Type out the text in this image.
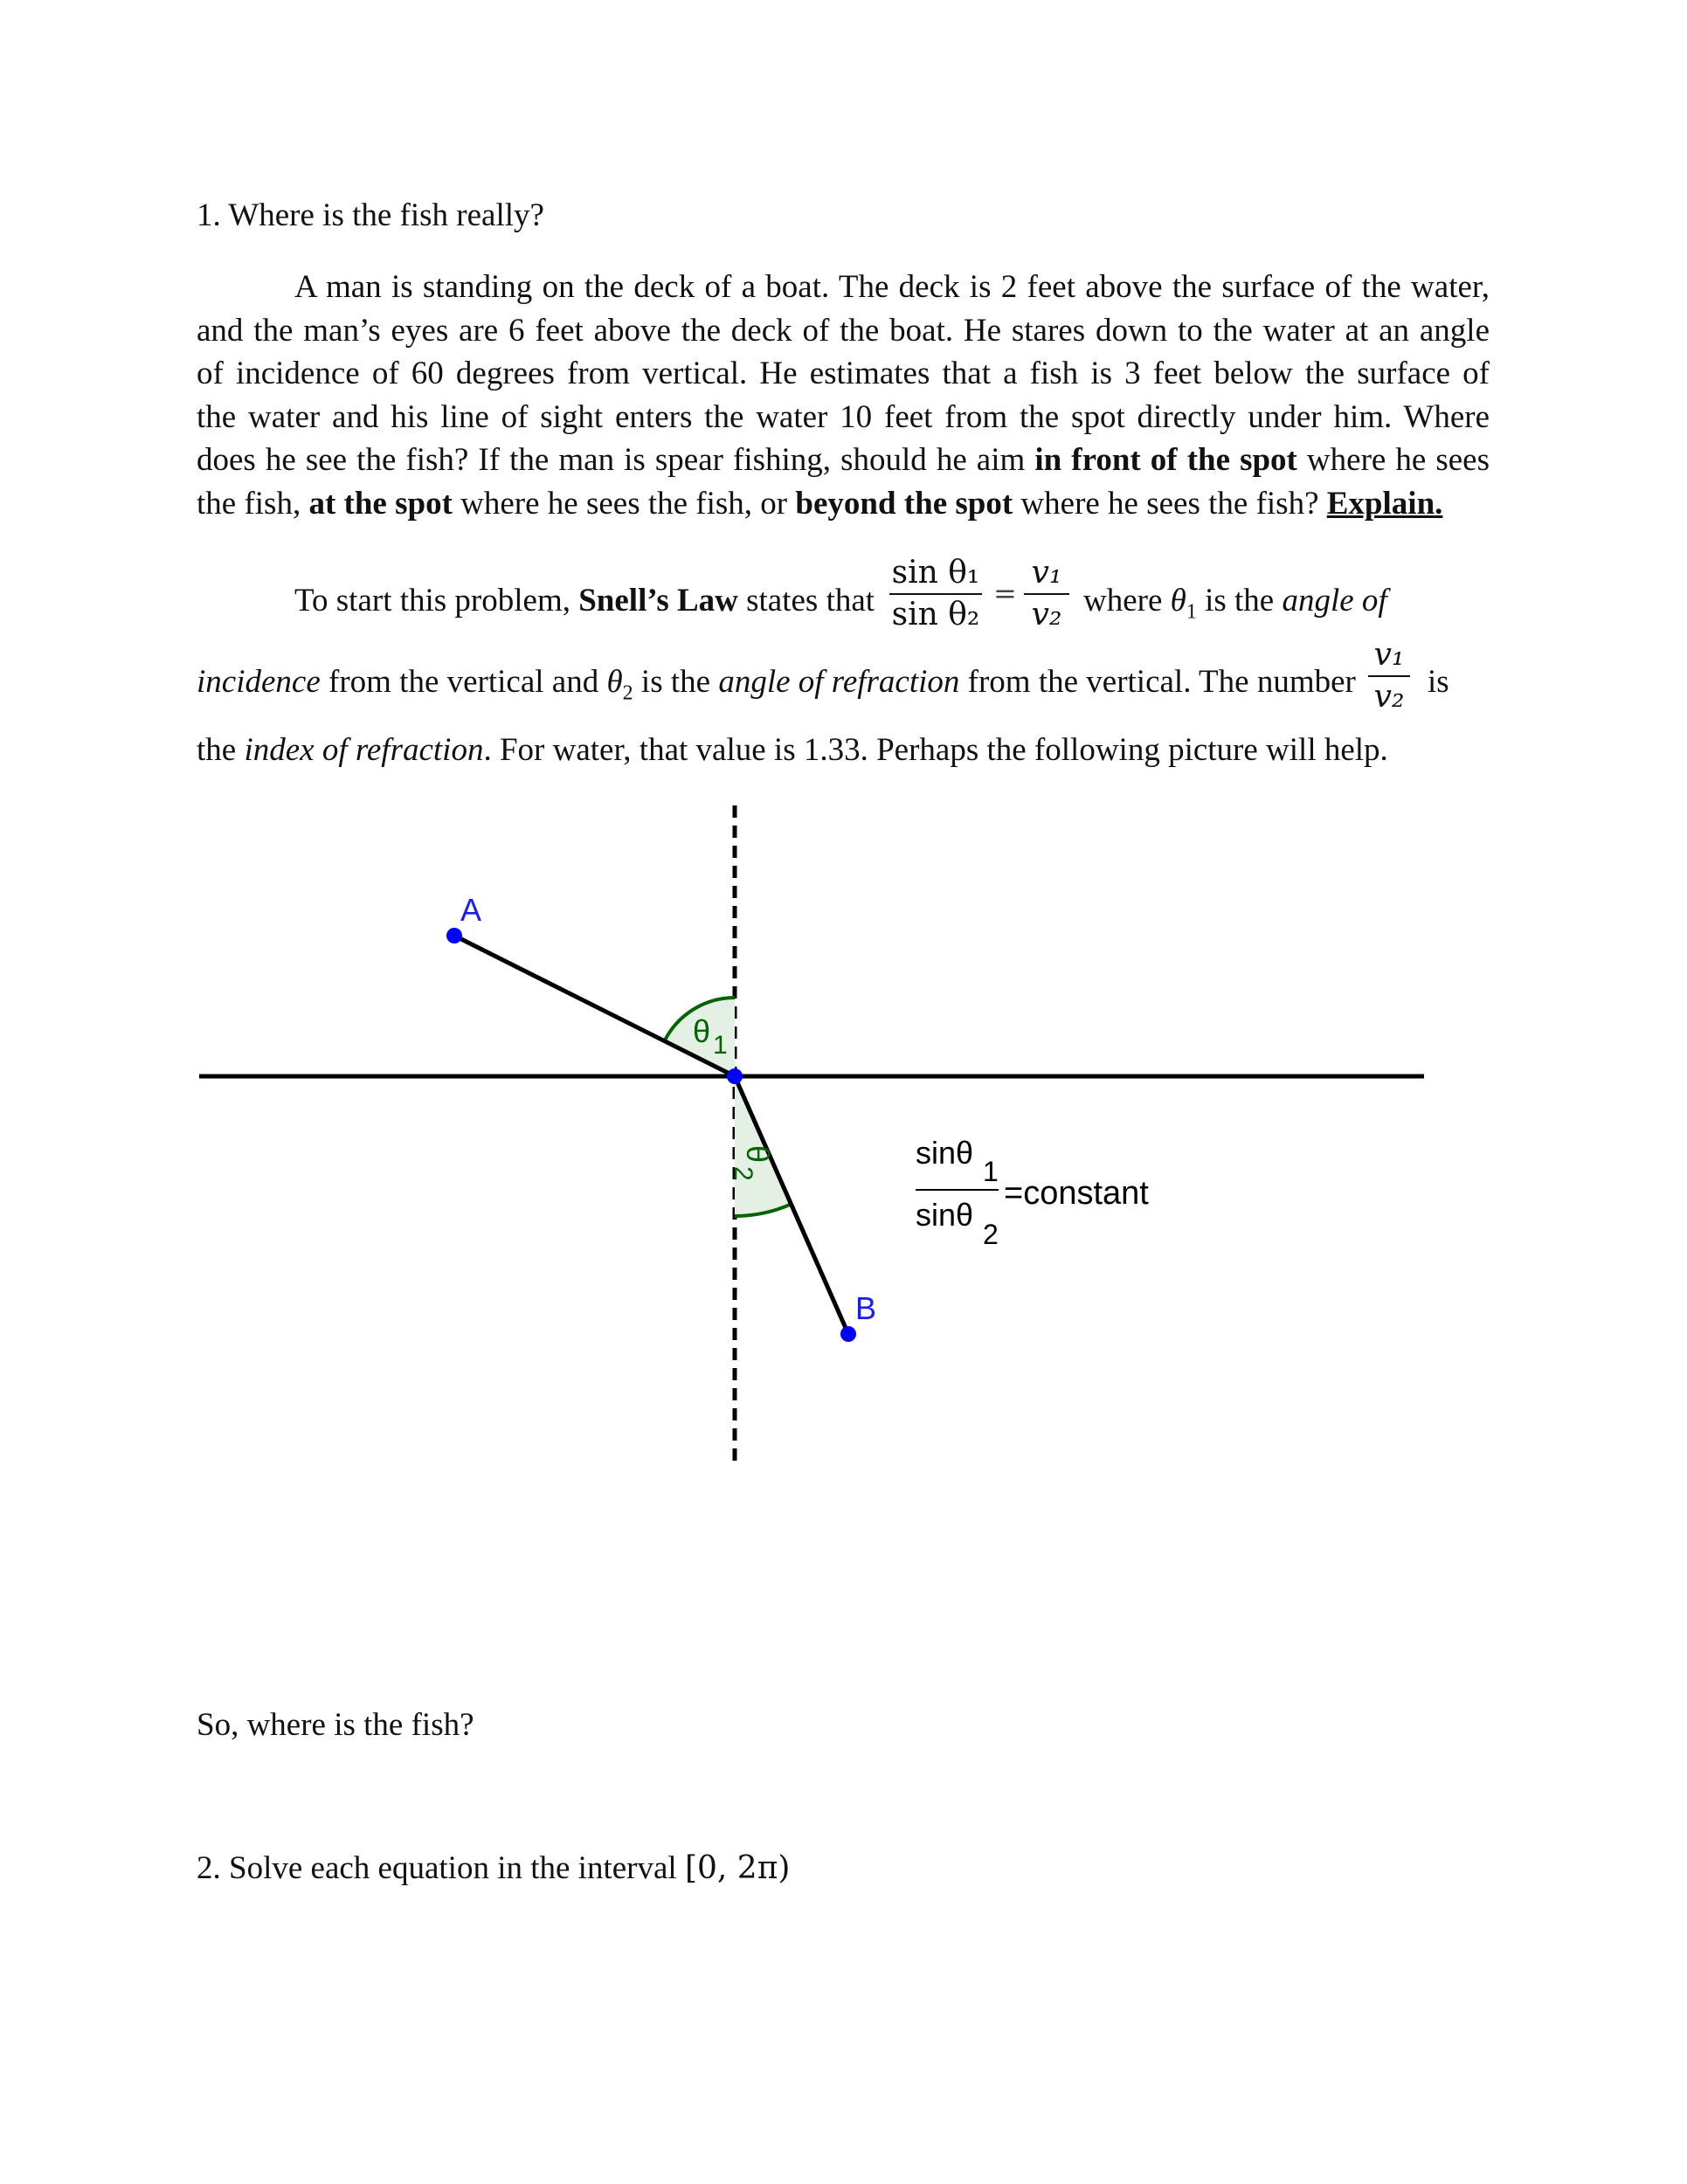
1. Where is the fish really?
A man is standing on the deck of a boat. The deck is 2 feet above the surface of the water,
and the man’s eyes are 6 feet above the deck of the boat. He stares down to the water at an angle
of incidence of 60 degrees from vertical. He estimates that a fish is 3 feet below the surface of
the water and his line of sight enters the water 10 feet from the spot directly under him. Where
does he see the fish? If the man is spear fishing, should he aim in front of the spot where he sees
the fish, at the spot where he sees the fish, or beyond the spot where he sees the fish? Explain.
To start this problem, Snell’s Law states that
sin θ₁
sin θ₂
=
v₁
v₂ where $\theta_1$ is the angle of
incidence from the vertical and $\theta_2$ is the angle of refraction from the vertical. The number
v₁
v₂ is
the index of refraction. For water, that value is 1.33. Perhaps the following picture will help.
A
B
θ 1
θ
2
sinθ
1
sinθ
2
=constant
So, where is the fish?
2. Solve each equation in the interval [0, 2π)
